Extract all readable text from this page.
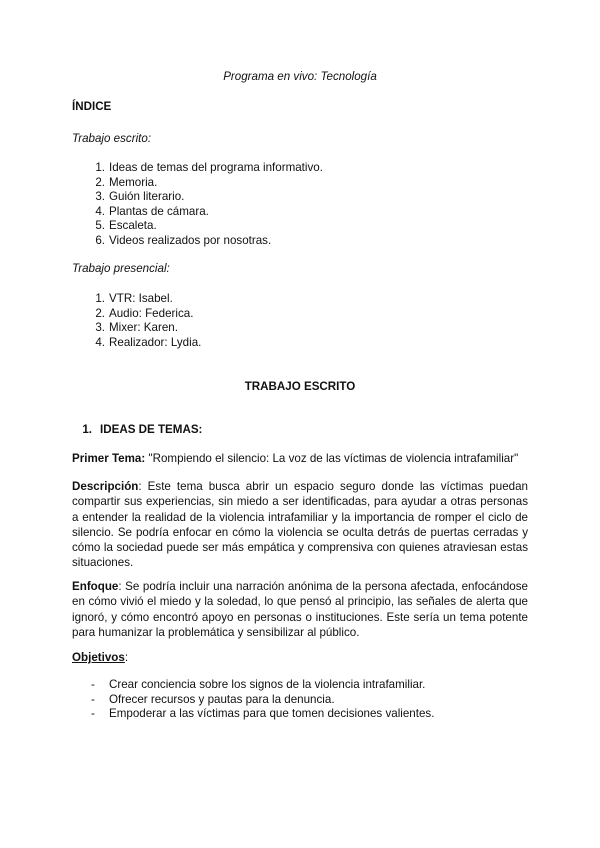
Programa en vivo: Tecnología
ÍNDICE
Trabajo escrito:
1. Ideas de temas del programa informativo.
2. Memoria.
3. Guión literario.
4. Plantas de cámara.
5. Escaleta.
6. Videos realizados por nosotras.
Trabajo presencial:
1. VTR: Isabel.
2. Audio: Federica.
3. Mixer: Karen.
4. Realizador: Lydia.
TRABAJO ESCRITO
1. IDEAS DE TEMAS:
Primer Tema: "Rompiendo el silencio: La voz de las víctimas de violencia intrafamiliar"
Descripción: Este tema busca abrir un espacio seguro donde las víctimas puedan compartir sus experiencias, sin miedo a ser identificadas, para ayudar a otras personas a entender la realidad de la violencia intrafamiliar y la importancia de romper el ciclo de silencio. Se podría enfocar en cómo la violencia se oculta detrás de puertas cerradas y cómo la sociedad puede ser más empática y comprensiva con quienes atraviesan estas situaciones.
Enfoque: Se podría incluir una narración anónima de la persona afectada, enfocándose en cómo vivió el miedo y la soledad, lo que pensó al principio, las señales de alerta que ignoró, y cómo encontró apoyo en personas o instituciones. Este sería un tema potente para humanizar la problemática y sensibilizar al público.
Objetivos:
- Crear conciencia sobre los signos de la violencia intrafamiliar.
- Ofrecer recursos y pautas para la denuncia.
- Empoderar a las víctimas para que tomen decisiones valientes.
